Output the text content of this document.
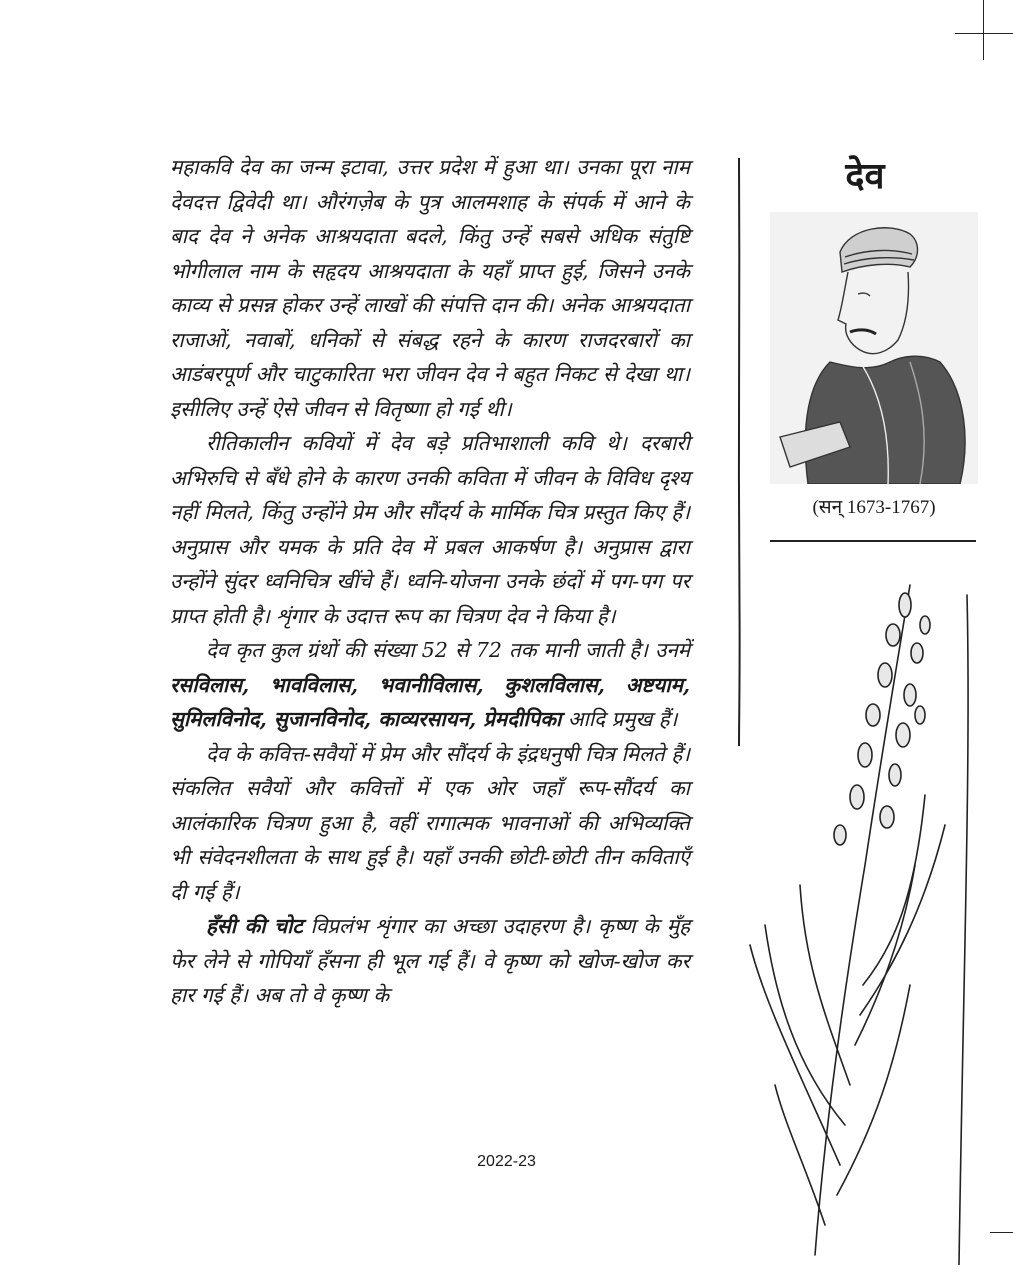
महाकवि देव का जन्म इटावा, उत्तर प्रदेश में हुआ था। उनका पूरा नाम देवदत्त द्विवेदी था। औरंगज़ेब के पुत्र आलमशाह के संपर्क में आने के बाद देव ने अनेक आश्रयदाता बदले, किंतु उन्हें सबसे अधिक संतुष्टि भोगीलाल नाम के सहृदय आश्रयदाता के यहाँ प्राप्त हुई, जिसने उनके काव्य से प्रसन्न होकर उन्हें लाखों की संपत्ति दान की। अनेक आश्रयदाता राजाओं, नवाबों, धनिकों से संबद्ध रहने के कारण राजदरबारों का आडंबरपूर्ण और चाटुकारिता भरा जीवन देव ने बहुत निकट से देखा था। इसीलिए उन्हें ऐसे जीवन से वितृष्णा हो गई थी।

रीतिकालीन कवियों में देव बड़े प्रतिभाशाली कवि थे। दरबारी अभिरुचि से बँधे होने के कारण उनकी कविता में जीवन के विविध दृश्य नहीं मिलते, किंतु उन्होंने प्रेम और सौंदर्य के मार्मिक चित्र प्रस्तुत किए हैं। अनुप्रास और यमक के प्रति देव में प्रबल आकर्षण है। अनुप्रास द्वारा उन्होंने सुंदर ध्वनिचित्र खींचे हैं। ध्वनि-योजना उनके छंदों में पग-पग पर प्राप्त होती है। शृंगार के उदात्त रूप का चित्रण देव ने किया है।

देव कृत कुल ग्रंथों की संख्या 52 से 72 तक मानी जाती है। उनमें रसविलास, भावविलास, भवानीविलास, कुशलविलास, अष्टयाम, सुमिलविनोद, सुजानविनोद, काव्यरसायन, प्रेमदीपिका आदि प्रमुख हैं।

देव के कवित्त-सवैयों में प्रेम और सौंदर्य के इंद्रधनुषी चित्र मिलते हैं। संकलित सवैयों और कवित्तों में एक ओर जहाँ रूप-सौंदर्य का आलंकारिक चित्रण हुआ है, वहीं रागात्मक भावनाओं की अभिव्यक्ति भी संवेदनशीलता के साथ हुई है। यहाँ उनकी छोटी-छोटी तीन कविताएँ दी गई हैं।

हँसी की चोट विप्रलंभ शृंगार का अच्छा उदाहरण है। कृष्ण के मुँह फेर लेने से गोपियाँ हँसना ही भूल गई हैं। वे कृष्ण को खोज-खोज कर हार गई हैं। अब तो वे कृष्ण के

देव
(सन् 1673-1767)
2022-23
